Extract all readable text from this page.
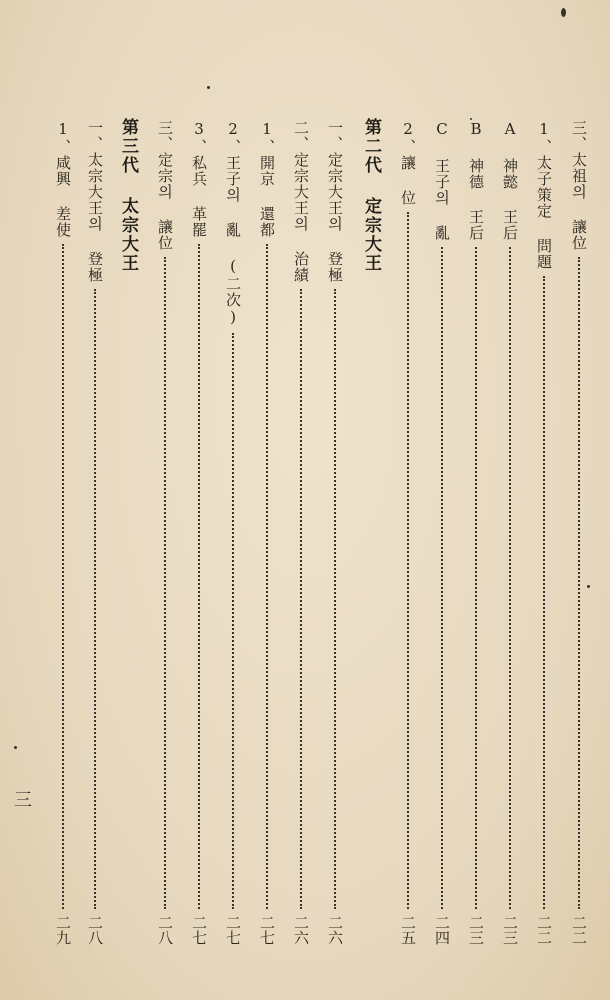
三、太祖의 讓位
二二
1、太子策定 問題
二二
A 神懿 王后
二三
B 神德 王后
二三
C 王子의 亂
二四
2、讓 位
二五
第二代 定宗大王
一、定宗大王의 登極
二六
二、定宗大王의 治績
二六
1、開京 還都
二七
2、王子의 亂 (二次)
二七
3、私兵 革罷
二七
三、定宗의 讓位
二八
第三代 太宗大王
一、太宗大王의 登極
二八
1、咸興 差使
二九
三
